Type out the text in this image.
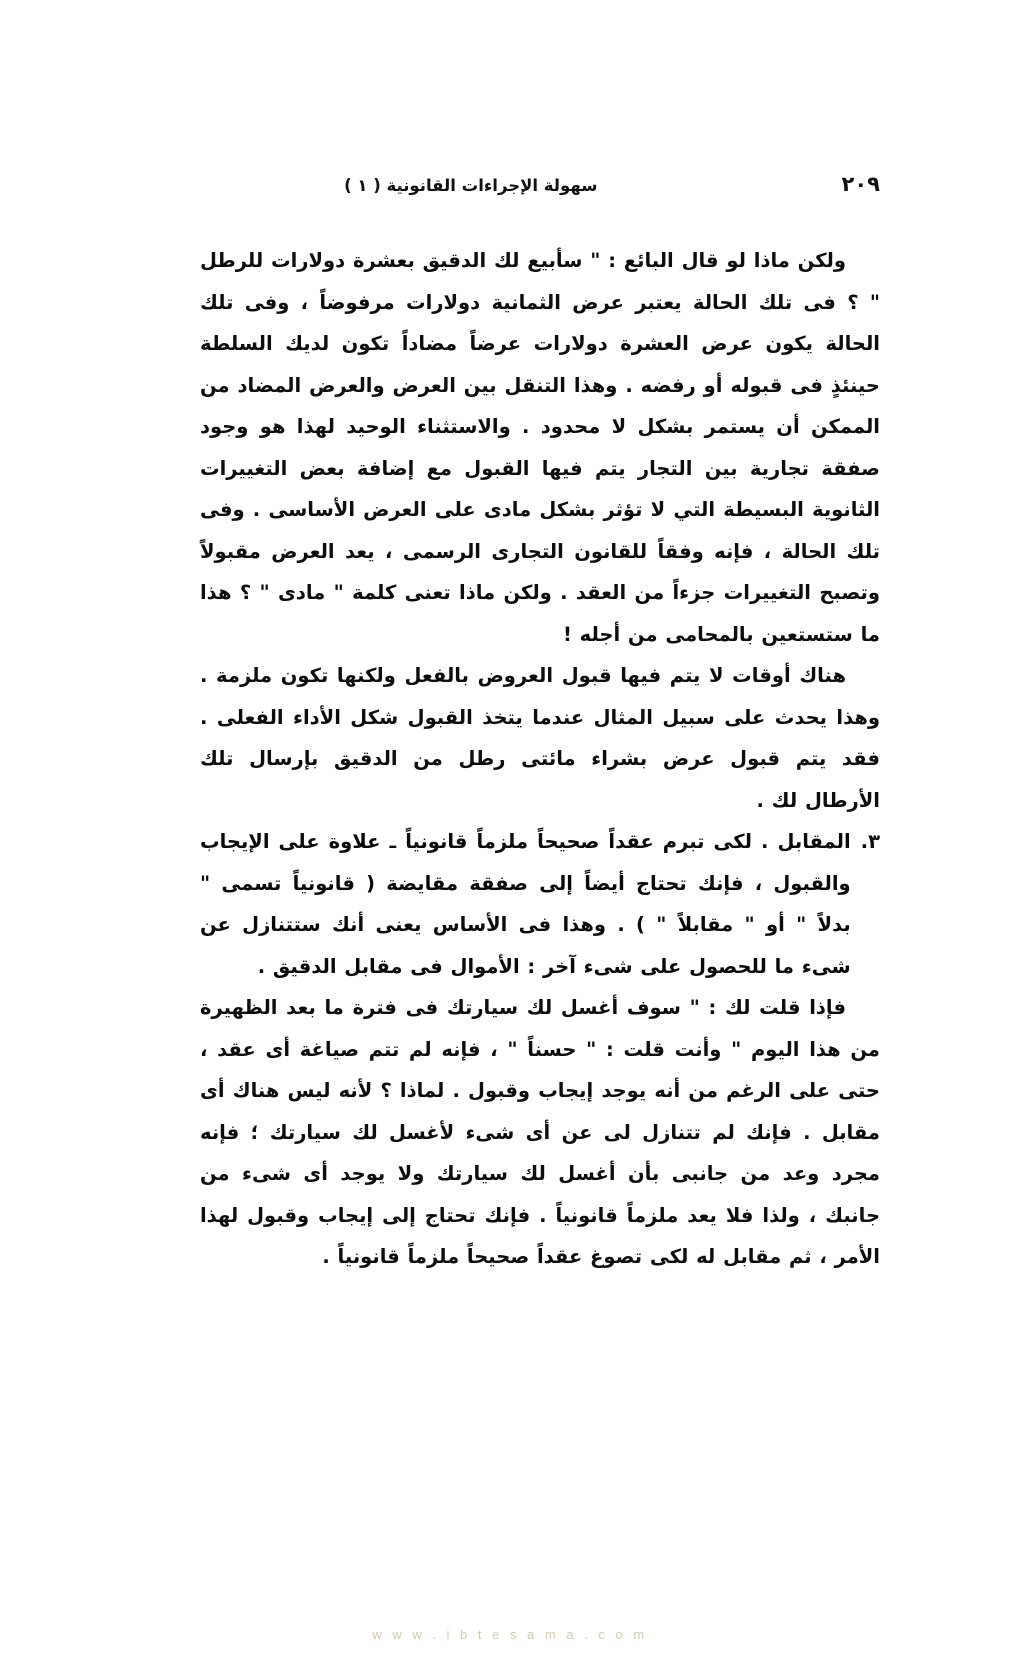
٢٠٩
سهولة الإجراءات القانونية ( ١ )

ولكن ماذا لو قال البائع : " سأبيع لك الدقيق بعشرة دولارات للرطل " ؟ فى تلك الحالة يعتبر عرض الثمانية دولارات مرفوضاً ، وفى تلك الحالة يكون عرض العشرة دولارات عرضاً مضاداً تكون لديك السلطة حينئذٍ فى قبوله أو رفضه . وهذا التنقل بين العرض والعرض المضاد من الممكن أن يستمر بشكل لا محدود . والاستثناء الوحيد لهذا هو وجود صفقة تجارية بين التجار يتم فيها القبول مع إضافة بعض التغييرات الثانوية البسيطة التي لا تؤثر بشكل مادى على العرض الأساسى . وفى تلك الحالة ، فإنه وفقاً للقانون التجارى الرسمى ، يعد العرض مقبولاً وتصبح التغييرات جزءاً من العقد . ولكن ماذا تعنى كلمة " مادى " ؟ هذا ما ستستعين بالمحامى من أجله !

هناك أوقات لا يتم فيها قبول العروض بالفعل ولكنها تكون ملزمة . وهذا يحدث على سبيل المثال عندما يتخذ القبول شكل الأداء الفعلى . فقد يتم قبول عرض بشراء مائتى رطل من الدقيق بإرسال تلك الأرطال لك .

٣.
المقابل . لكى تبرم عقداً صحيحاً ملزماً قانونياً ـ علاوة على الإيجاب والقبول ، فإنك تحتاج أيضاً إلى صفقة مقايضة ( قانونياً تسمى " بدلاً " أو " مقابلاً " ) . وهذا فى الأساس يعنى أنك ستتنازل عن شىء ما للحصول على شىء آخر : الأموال فى مقابل الدقيق .

فإذا قلت لك : " سوف أغسل لك سيارتك فى فترة ما بعد الظهيرة من هذا اليوم " وأنت قلت : " حسناً " ، فإنه لم تتم صياغة أى عقد ، حتى على الرغم من أنه يوجد إيجاب وقبول . لماذا ؟ لأنه ليس هناك أى مقابل . فإنك لم تتنازل لى عن أى شىء لأغسل لك سيارتك ؛ فإنه مجرد وعد من جانبى بأن أغسل لك سيارتك ولا يوجد أى شىء من جانبك ، ولذا فلا يعد ملزماً قانونياً . فإنك تحتاج إلى إيجاب وقبول لهذا الأمر ، ثم مقابل له لكى تصوغ عقداً صحيحاً ملزماً قانونياً .

w w w . i b t e s a m a . c o m
